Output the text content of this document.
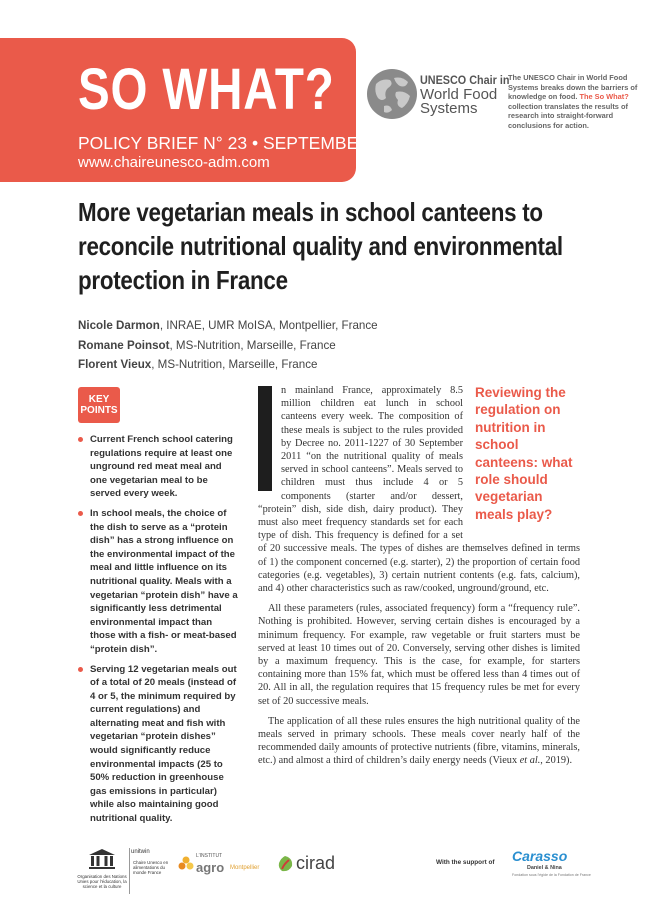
SO WHAT?
POLICY BRIEF N° 23 • SEPTEMBER 2022
www.chaireunesco-adm.com
UNESCO Chair in
World Food
Systems
The UNESCO Chair in World Food Systems breaks down the barriers of knowledge on food. The So What? collection translates the results of research into straight-forward conclusions for action.
More vegetarian meals in school canteens to
reconcile nutritional quality and environmental
protection in France
Nicole Darmon, INRAE, UMR MoISA, Montpellier, France
Romane Poinsot, MS-Nutrition, Marseille, France
Florent Vieux, MS-Nutrition, Marseille, France
KEY
POINTS
Current French school catering regulations require at least one unground red meat meal and one vegetarian meal to be served every week.
In school meals, the choice of the dish to serve as a “protein dish” has a strong influence on the environmental impact of the meal and little influence on its nutritional quality. Meals with a vegetarian “protein dish” have a significantly less detrimental environmental impact than those with a fish- or meat-based “protein dish”.
Serving 12 vegetarian meals out of a total of 20 meals (instead of 4 or 5, the minimum required by current regulations) and alternating meat and fish with vegetarian “protein dishes” would significantly reduce environmental impacts (25 to 50% reduction in greenhouse gas emissions in particular) while also maintaining good nutritional quality.
Reviewing the regulation on nutrition in school canteens: what role should vegetarian meals play?

n mainland France, approximately 8.5 million children eat lunch in school canteens every week. The composition of these meals is subject to the rules provided by Decree no. 2011-1227 of 30 September 2011 “on the nutritional quality of meals served in school canteens”. Meals served to children must thus include 4 or 5 components (starter and/or dessert, “protein” dish, side dish, dairy product). They must also meet frequency standards set for each type of dish. This frequency is defined for a set of 20 successive meals. The types of dishes are themselves defined in terms of 1) the component concerned (e.g. starter), 2) the proportion of certain food categories (e.g. vegetables), 3) certain nutrient contents (e.g. fats, calcium), and 4) other characteristics such as raw/cooked, unground/ground, etc.

All these parameters (rules, associated frequency) form a “frequency rule”. Nothing is prohibited. However, serving certain dishes is encouraged by a minimum frequency. For example, raw vegetable or fruit starters must be served at least 10 times out of 20. Conversely, serving other dishes is limited by a maximum frequency. This is the case, for example, for starters containing more than 15% fat, which must be offered less than 4 times out of 20. All in all, the regulation requires that 15 frequency rules be met for every set of 20 successive meals.

The application of all these rules ensures the high nutritional quality of the meals served in primary schools. These meals cover nearly half of the recommended daily amounts of protective nutrients (fibre, vitamins, minerals, etc.) and almost a third of children’s daily energy needs (Vieux et al., 2019).

Organisation des Nations Unies pour l’éducation, la science et la culture
unitwin
Chaire Unesco en alimentations du monde France
L’INSTITUT
agro Montpellier cirad	With the support of Carasso
Daniel & Nina
Fondation sous l’égide de la Fondation de France
